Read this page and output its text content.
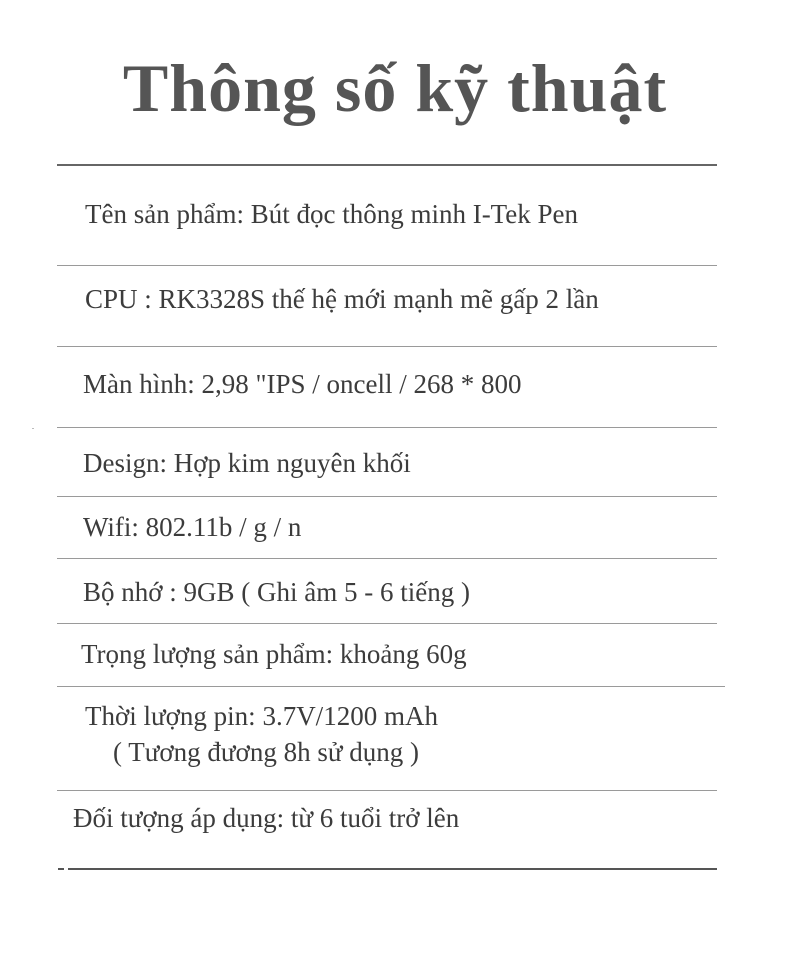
Thông số kỹ thuật
Tên sản phẩm: Bút đọc thông minh I-Tek Pen
CPU : RK3328S thế hệ mới mạnh mẽ gấp 2 lần
Màn hình: 2,98 "IPS / oncell / 268 * 800
Design: Hợp kim nguyên khối
Wifi: 802.11b / g / n
Bộ nhớ : 9GB ( Ghi âm 5 - 6 tiếng )
Trọng lượng sản phẩm: khoảng 60g
Thời lượng pin: 3.7V/1200 mAh
( Tương đương 8h sử dụng )
Đối tượng áp dụng: từ 6 tuổi trở lên
